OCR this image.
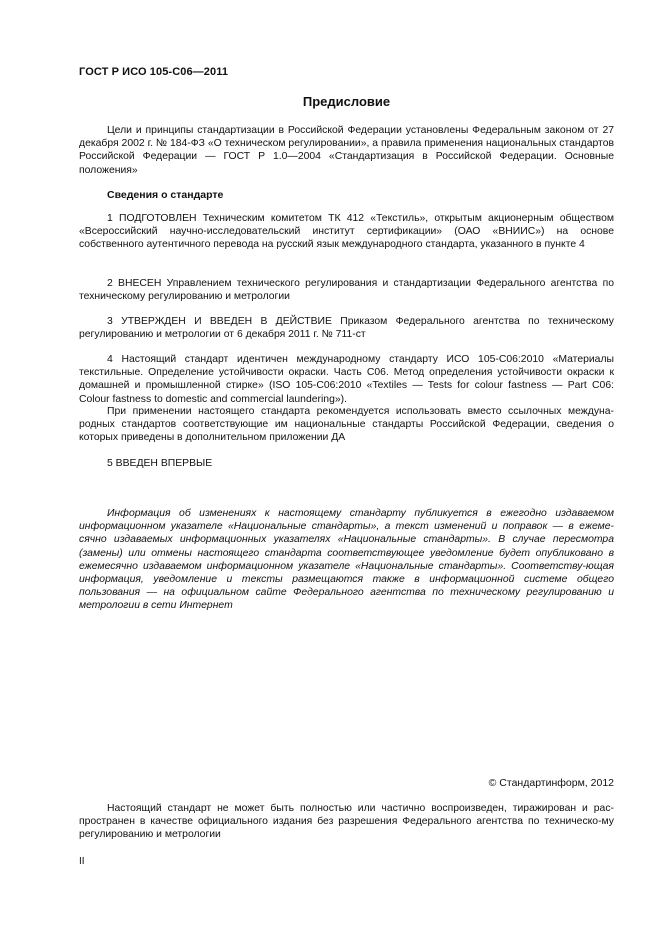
ГОСТ Р ИСО 105-С06—2011
Предисловие

Цели и принципы стандартизации в Российской Федерации установлены Федеральным законом от 27 декабря 2002 г. № 184-ФЗ «О техническом регулировании», а правила применения национальных стандартов Российской Федерации — ГОСТ Р 1.0—2004 «Стандартизация в Российской Федерации. Основные положения»

Сведения о стандарте

1 ПОДГОТОВЛЕН Техническим комитетом ТК 412 «Текстиль», открытым акционерным обществом «Всероссийский научно-исследовательский институт сертификации» (ОАО «ВНИИС») на основе собственного аутентичного перевода на русский язык международного стандарта, указанного в пункте 4

2 ВНЕСЕН Управлением технического регулирования и стандартизации Федерального агентства по техническому регулированию и метрологии

3 УТВЕРЖДЕН И ВВЕДЕН В ДЕЙСТВИЕ Приказом Федерального агентства по техническому регулированию и метрологии от 6 декабря 2011 г. № 711-ст

4 Настоящий стандарт идентичен международному стандарту ИСО 105-С06:2010 «Материалы текстильные. Определение устойчивости окраски. Часть С06. Метод определения устойчивости окраски к домашней и промышленной стирке» (ISO 105-C06:2010 «Textiles — Tests for colour fastness — Part C06: Colour fastness to domestic and commercial laundering»).

При применении настоящего стандарта рекомендуется использовать вместо ссылочных междуна-родных стандартов соответствующие им национальные стандарты Российской Федерации, сведения о которых приведены в дополнительном приложении ДА

5 ВВЕДЕН ВПЕРВЫЕ

Информация об изменениях к настоящему стандарту публикуется в ежегодно издаваемом информационном указателе «Национальные стандарты», а текст изменений и поправок — в ежеме-сячно издаваемых информационных указателях «Национальные стандарты». В случае пересмотра (замены) или отмены настоящего стандарта соответствующее уведомление будет опубликовано в ежемесячно издаваемом информационном указателе «Национальные стандарты». Соответству-ющая информация, уведомление и тексты размещаются также в информационной системе общего пользования — на официальном сайте Федерального агентства по техническому регулированию и метрологии в сети Интернет

© Стандартинформ, 2012

Настоящий стандарт не может быть полностью или частично воспроизведен, тиражирован и рас-пространен в качестве официального издания без разрешения Федерального агентства по техническо-му регулированию и метрологии

II
